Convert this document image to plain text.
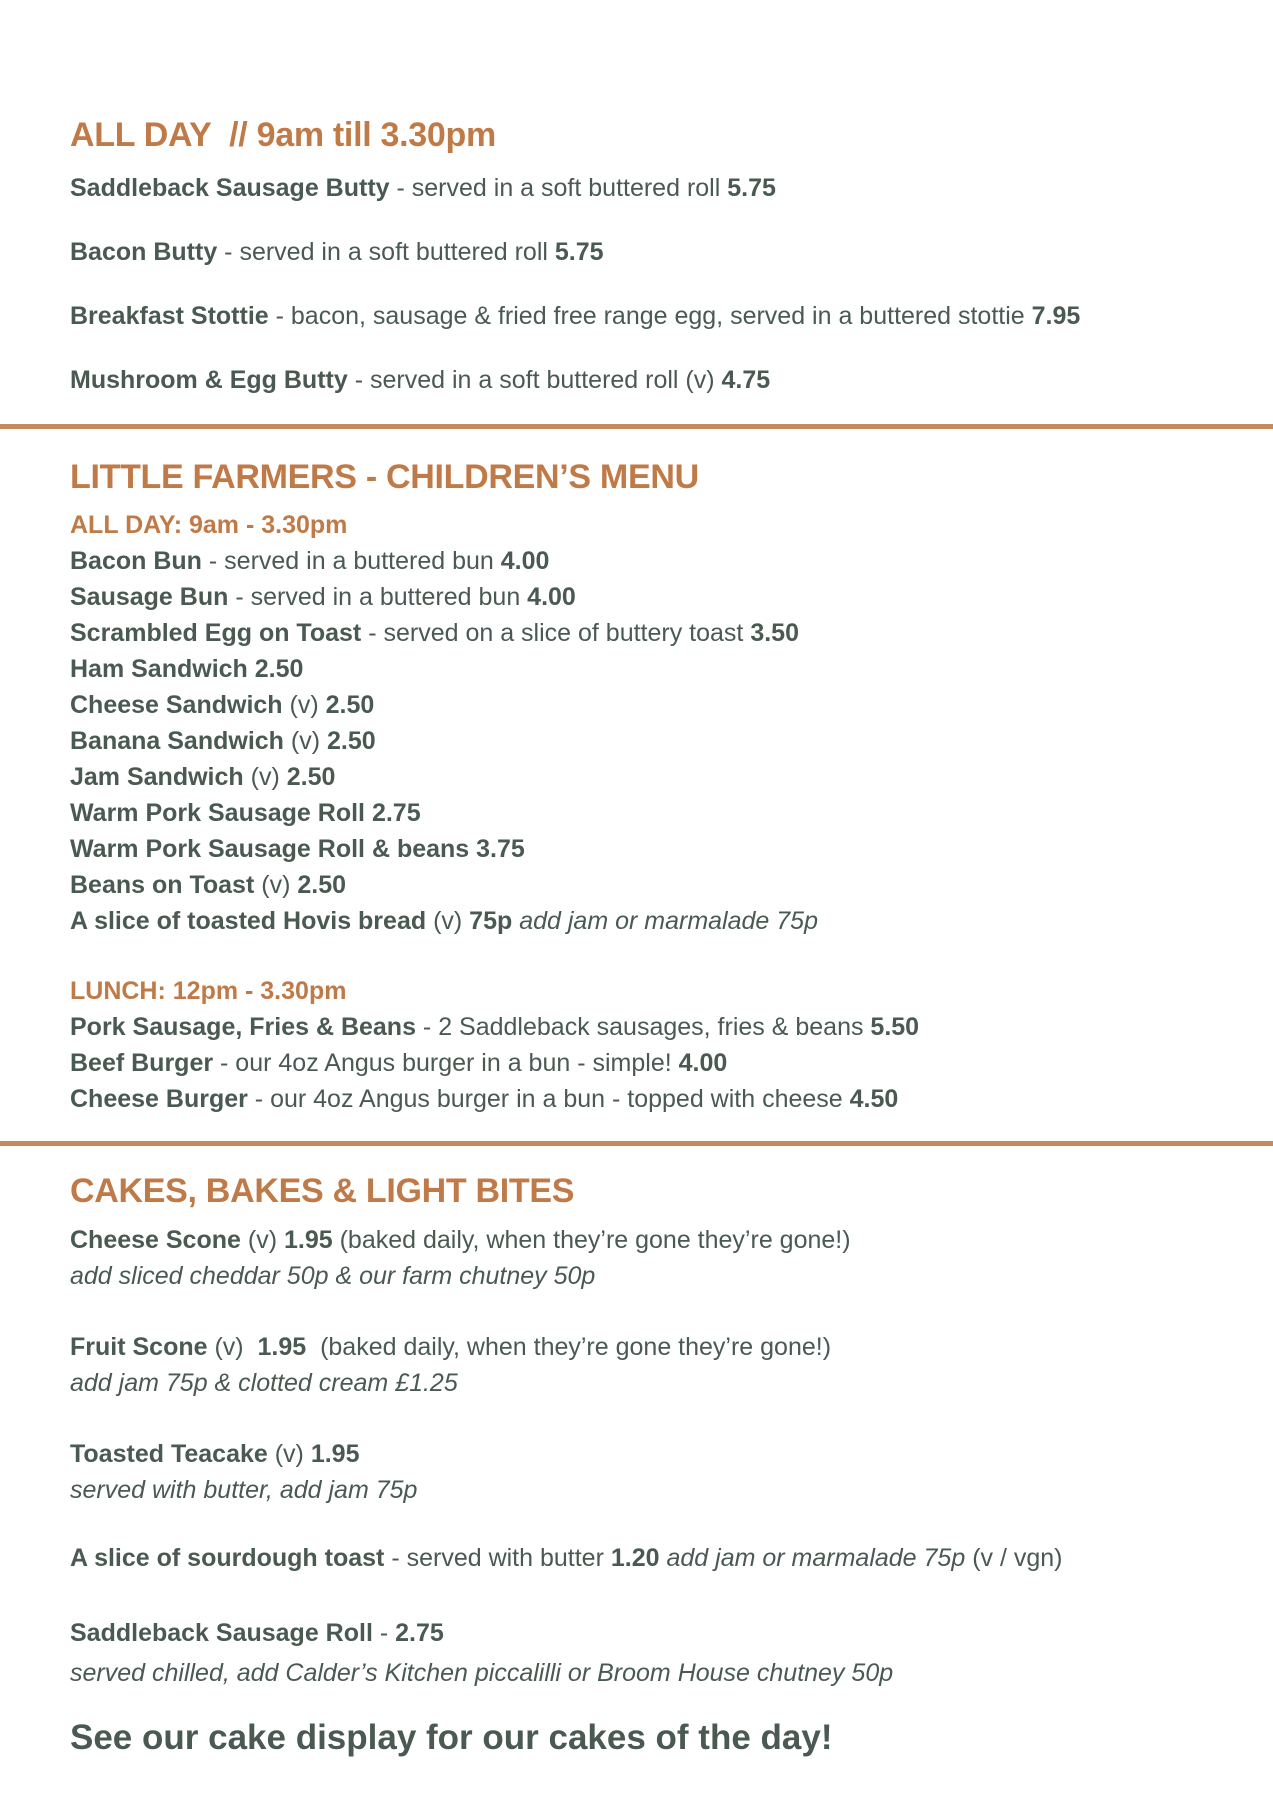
ALL DAY  // 9am till 3.30pm

Saddleback Sausage Butty - served in a soft buttered roll 5.75

Bacon Butty - served in a soft buttered roll 5.75

Breakfast Stottie - bacon, sausage & fried free range egg, served in a buttered stottie 7.95

Mushroom & Egg Butty - served in a soft buttered roll (v) 4.75

LITTLE FARMERS - CHILDREN’S MENU

ALL DAY: 9am - 3.30pm

Bacon Bun - served in a buttered bun 4.00

Sausage Bun - served in a buttered bun 4.00

Scrambled Egg on Toast - served on a slice of buttery toast 3.50

Ham Sandwich 2.50

Cheese Sandwich (v) 2.50

Banana Sandwich (v) 2.50

Jam Sandwich (v) 2.50

Warm Pork Sausage Roll 2.75

Warm Pork Sausage Roll & beans 3.75

Beans on Toast (v) 2.50

A slice of toasted Hovis bread (v) 75p add jam or marmalade 75p

LUNCH: 12pm - 3.30pm

Pork Sausage, Fries & Beans - 2 Saddleback sausages, fries & beans 5.50

Beef Burger - our 4oz Angus burger in a bun - simple! 4.00

Cheese Burger - our 4oz Angus burger in a bun - topped with cheese 4.50

CAKES, BAKES & LIGHT BITES

Cheese Scone (v) 1.95 (baked daily, when they’re gone they’re gone!)

add sliced cheddar 50p & our farm chutney 50p

Fruit Scone (v)  1.95  (baked daily, when they’re gone they’re gone!)

add jam 75p & clotted cream £1.25

Toasted Teacake (v) 1.95

served with butter, add jam 75p

A slice of sourdough toast - served with butter 1.20 add jam or marmalade 75p (v / vgn)

Saddleback Sausage Roll - 2.75

served chilled, add Calder’s Kitchen piccalilli or Broom House chutney 50p

See our cake display for our cakes of the day!
